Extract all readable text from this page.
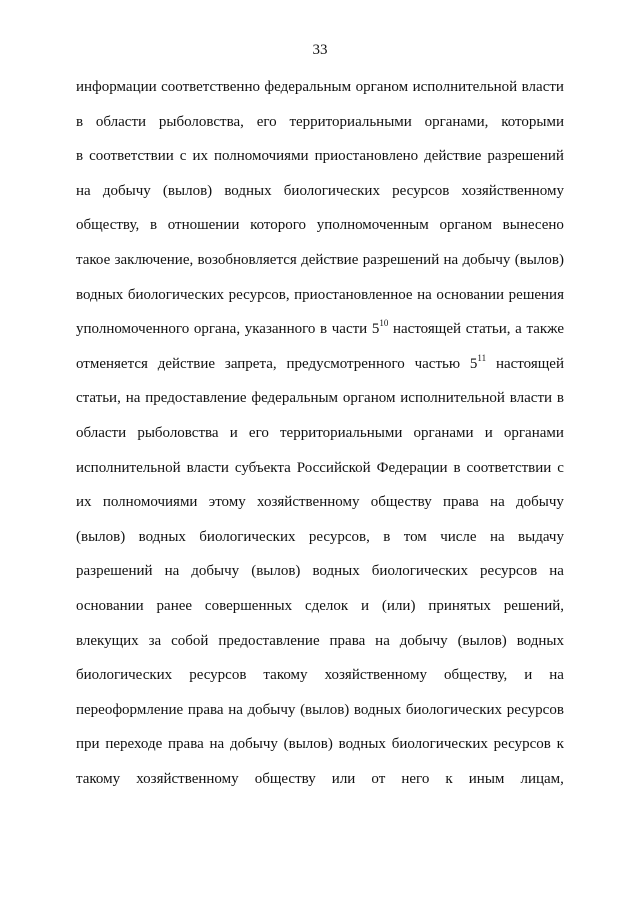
33
информации соответственно федеральным органом исполнительной власти
в области рыболовства, его территориальными органами, которыми
в соответствии с их полномочиями приостановлено действие разрешений
на добычу (вылов) водных биологических ресурсов хозяйственному
обществу, в отношении которого уполномоченным органом вынесено
такое заключение, возобновляется действие разрешений на добычу (вылов)
водных биологических ресурсов, приостановленное на основании решения
уполномоченного органа, указанного в части $5^{10}$ настоящей статьи, а также
отменяется действие запрета, предусмотренного частью $5^{11}$ настоящей
статьи, на предоставление федеральным органом исполнительной власти в
области рыболовства и его территориальными органами и органами
исполнительной власти субъекта Российской Федерации в соответствии с
их полномочиями этому хозяйственному обществу права на добычу
(вылов) водных биологических ресурсов, в том числе на выдачу
разрешений на добычу (вылов) водных биологических ресурсов на
основании ранее совершенных сделок и (или) принятых решений,
влекущих за собой предоставление права на добычу (вылов) водных
биологических ресурсов такому хозяйственному обществу, и на
переоформление права на добычу (вылов) водных биологических ресурсов
при переходе права на добычу (вылов) водных биологических ресурсов к
такому хозяйственному обществу или от него к иным лицам,
